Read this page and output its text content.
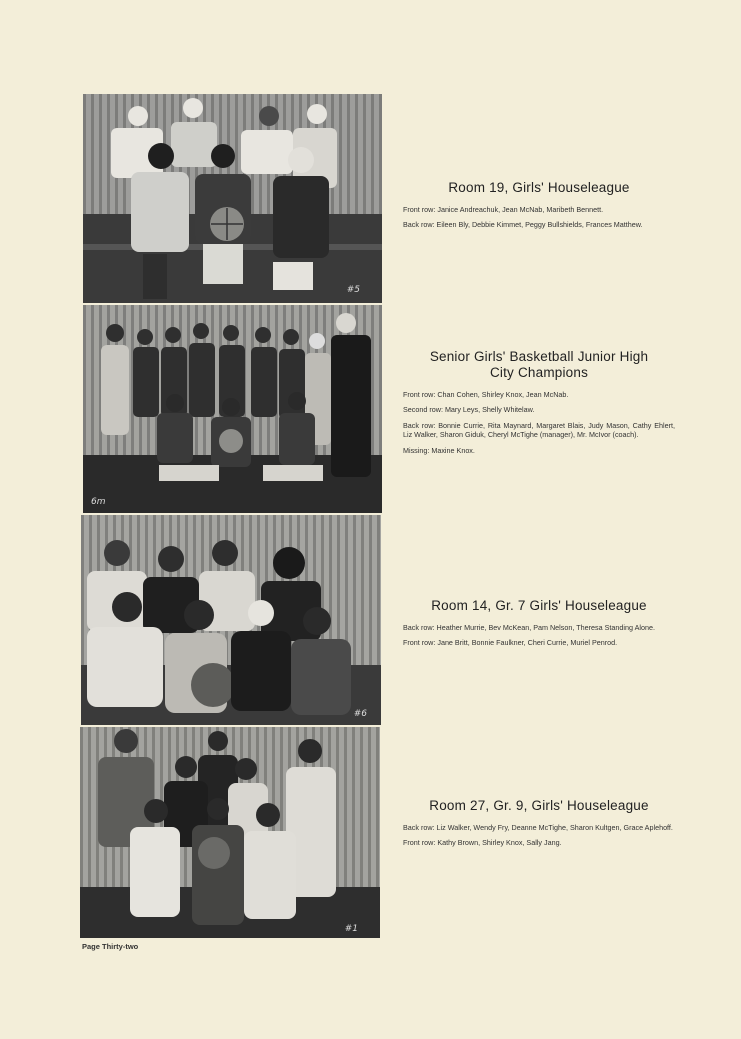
#5
6m
#6
#1
Room 19, Girls' Houseleague
Front row: Janice Andreachuk, Jean McNab, Maribeth Bennett.
Back row: Eileen Bly, Debbie Kimmet, Peggy Bullshields, Frances Matthew.
Senior Girls' Basketball Junior High City Champions
Front row: Chan Cohen, Shirley Knox, Jean McNab.
Second row: Mary Leys, Shelly Whitelaw.
Back row: Bonnie Currie, Rita Maynard, Margaret Blais, Judy Mason, Cathy Ehlert, Liz Walker, Sharon Giduk, Cheryl McTighe (manager), Mr. McIvor (coach).
Missing: Maxine Knox.
Room 14, Gr. 7 Girls' Houseleague
Back row: Heather Murrie, Bev McKean, Pam Nelson, Theresa Standing Alone.
Front row: Jane Britt, Bonnie Faulkner, Cheri Currie, Muriel Penrod.
Room 27, Gr. 9, Girls' Houseleague
Back row: Liz Walker, Wendy Fry, Deanne McTighe, Sharon Kultgen, Grace Aplehoff.
Front row: Kathy Brown, Shirley Knox, Sally Jang.
Page Thirty-two
